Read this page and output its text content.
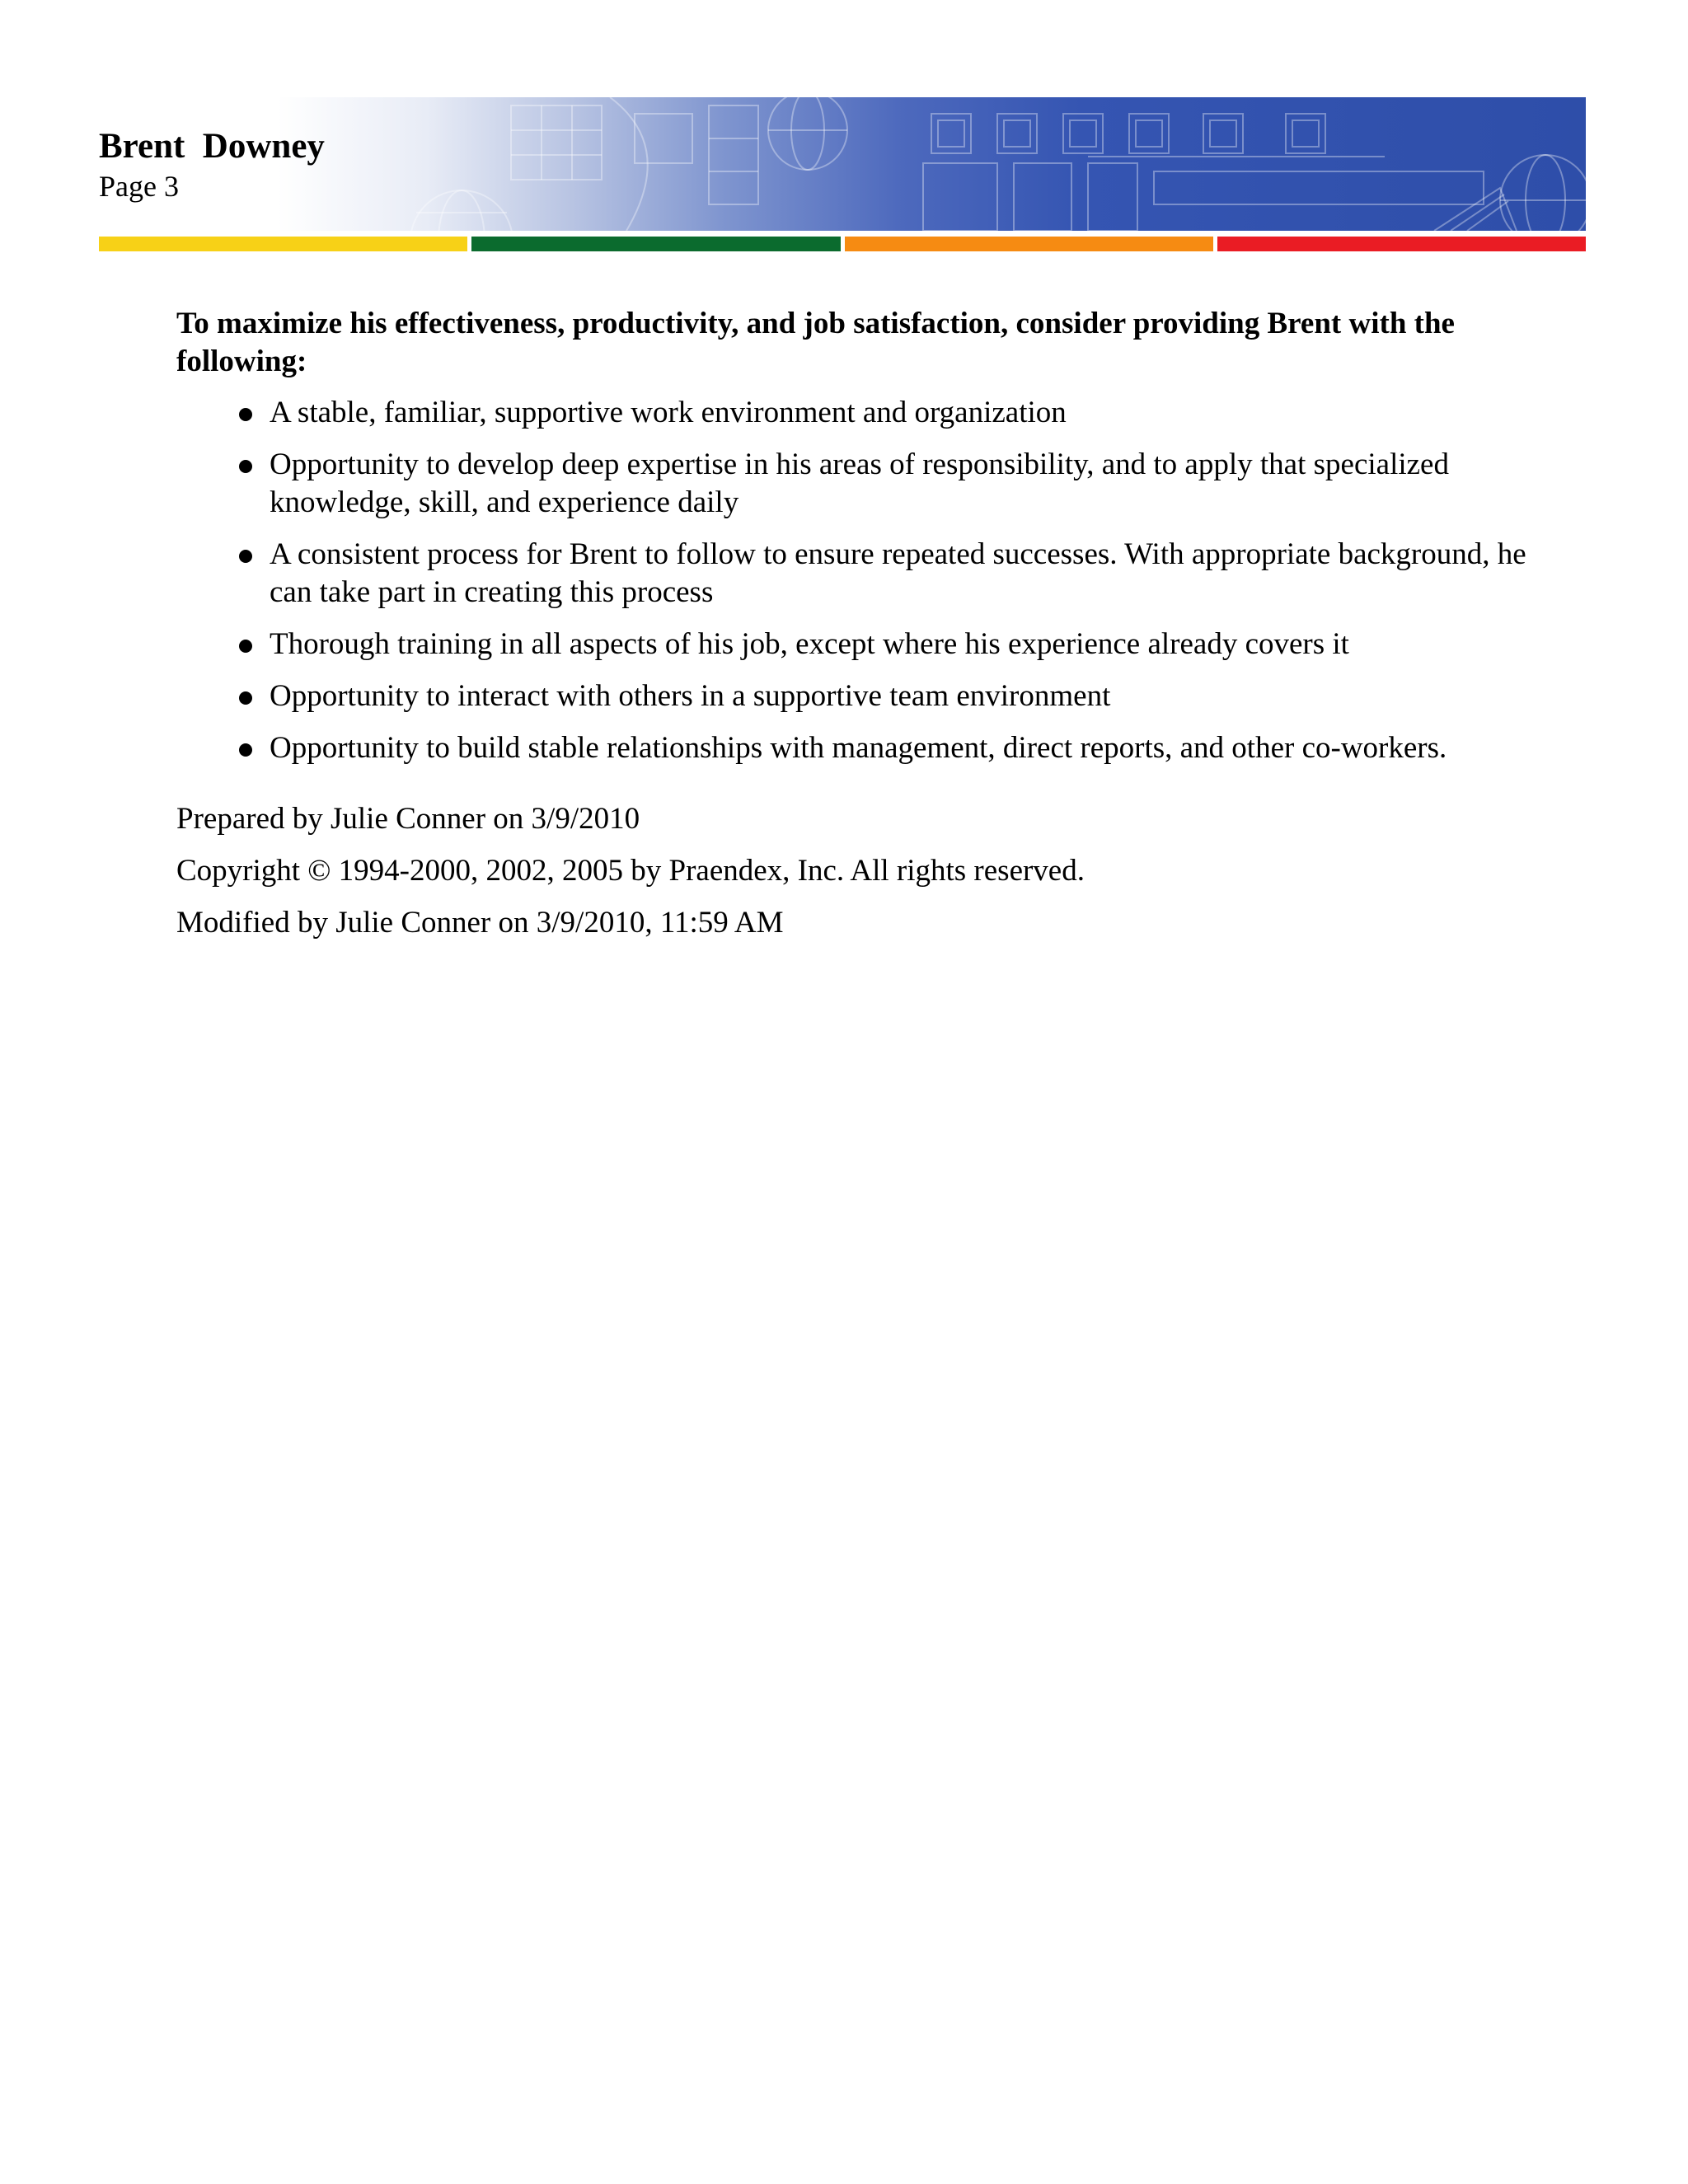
Brent  Downey
Page 3

To maximize his effectiveness, productivity, and job satisfaction, consider providing Brent with the following:

A stable, familiar, supportive work environment and organization
Opportunity to develop deep expertise in his areas of responsibility, and to apply that specialized knowledge, skill, and experience daily
A consistent process for Brent to follow to ensure repeated successes. With appropriate background, he can take part in creating this process
Thorough training in all aspects of his job, except where his experience already covers it
Opportunity to interact with others in a supportive team environment
Opportunity to build stable relationships with management, direct reports, and other co-workers.

Prepared by Julie Conner on 3/9/2010

Copyright © 1994-2000, 2002, 2005 by Praendex, Inc. All rights reserved.

Modified by Julie Conner on 3/9/2010, 11:59 AM
